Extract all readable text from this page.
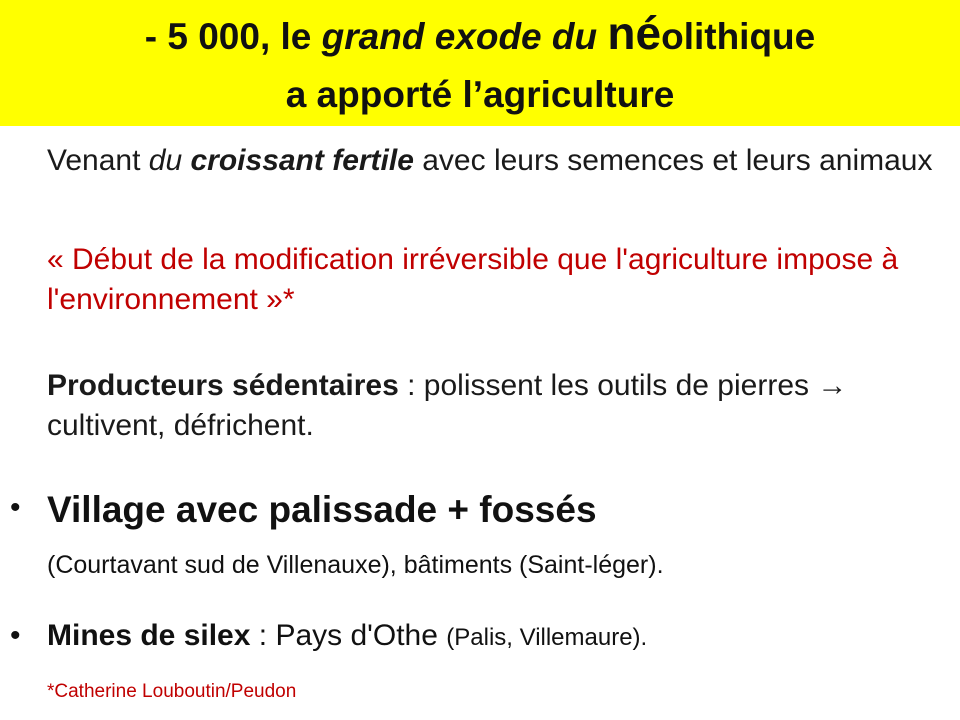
- 5 000, le grand exode du néolithique
a apporté l’agriculture
Venant du croissant fertile avec leurs semences et leurs animaux
« Début de la modification irréversible que l'agriculture impose à l'environnement »*
Producteurs sédentaires : polissent les outils de pierres → cultivent, défrichent.
• Village avec palissade + fossés
(Courtavant sud de Villenauxe), bâtiments (Saint-léger).
• Mines de silex : Pays d'Othe (Palis, Villemaure).
*Catherine Louboutin/Peudon
